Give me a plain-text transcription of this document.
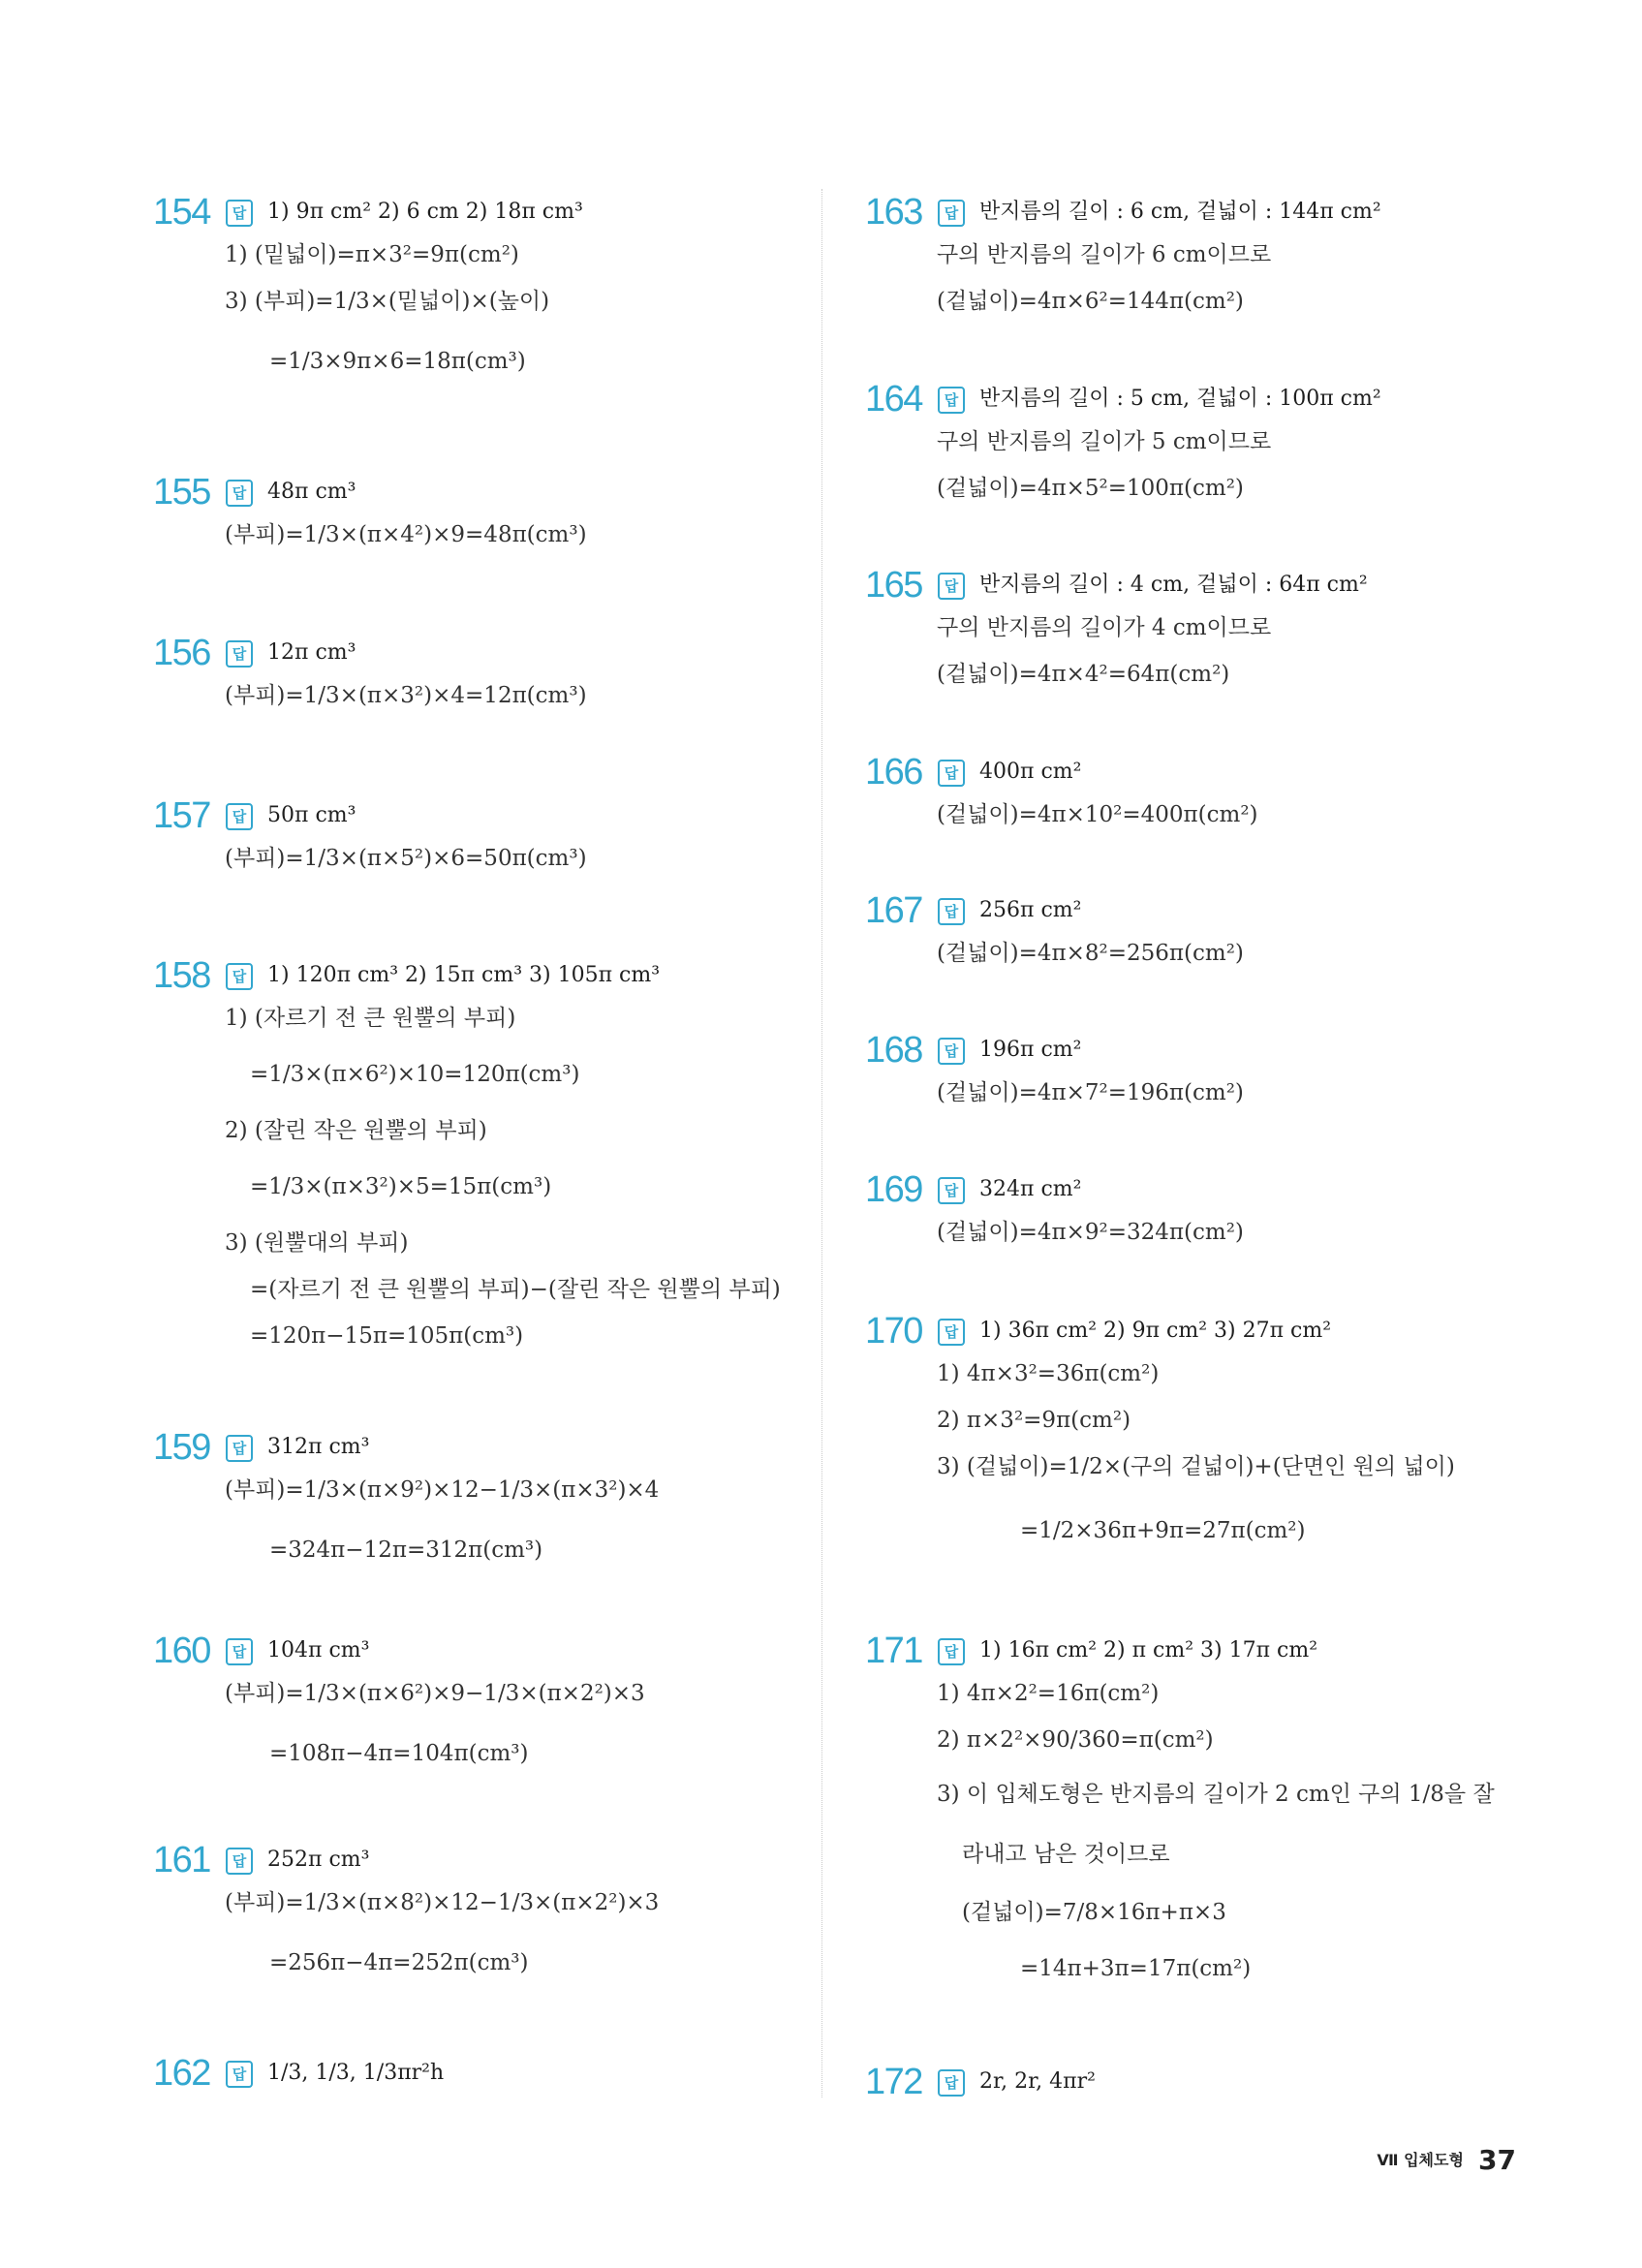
154	답 1) 9π cm² 2) 6 cm 2) 18π cm³
1) (밑넓이)=π×3²=9π(cm²)
3) (부피)=1/3×(밑넓이)×(높이)
=1/3×9π×6=18π(cm³)
155	답 48π cm³
(부피)=1/3×(π×4²)×9=48π(cm³)
156	답 12π cm³
(부피)=1/3×(π×3²)×4=12π(cm³)
157	답 50π cm³
(부피)=1/3×(π×5²)×6=50π(cm³)
158	답 1) 120π cm³ 2) 15π cm³ 3) 105π cm³
1) (자르기 전 큰 원뿔의 부피)
=1/3×(π×6²)×10=120π(cm³)
2) (잘린 작은 원뿔의 부피)
=1/3×(π×3²)×5=15π(cm³)
3) (원뿔대의 부피)
=(자르기 전 큰 원뿔의 부피)−(잘린 작은 원뿔의 부피)
=120π−15π=105π(cm³)
159	답 312π cm³
(부피)=1/3×(π×9²)×12−1/3×(π×3²)×4
=324π−12π=312π(cm³)
160	답 104π cm³
(부피)=1/3×(π×6²)×9−1/3×(π×2²)×3
=108π−4π=104π(cm³)
161	답 252π cm³
(부피)=1/3×(π×8²)×12−1/3×(π×2²)×3
=256π−4π=252π(cm³)
162	답 1/3, 1/3, 1/3πr²h
163	답 반지름의 길이 : 6 cm, 겉넓이 : 144π cm²
구의 반지름의 길이가 6 cm이므로
(겉넓이)=4π×6²=144π(cm²)
164	답 반지름의 길이 : 5 cm, 겉넓이 : 100π cm²
구의 반지름의 길이가 5 cm이므로
(겉넓이)=4π×5²=100π(cm²)
165	답 반지름의 길이 : 4 cm, 겉넓이 : 64π cm²
구의 반지름의 길이가 4 cm이므로
(겉넓이)=4π×4²=64π(cm²)
166	답 400π cm²
(겉넓이)=4π×10²=400π(cm²)
167	답 256π cm²
(겉넓이)=4π×8²=256π(cm²)
168	답 196π cm²
(겉넓이)=4π×7²=196π(cm²)
169	답 324π cm²
(겉넓이)=4π×9²=324π(cm²)
170	답 1) 36π cm² 2) 9π cm² 3) 27π cm²
1) 4π×3²=36π(cm²)
2) π×3²=9π(cm²)
3) (겉넓이)=1/2×(구의 겉넓이)+(단면인 원의 넓이)
=1/2×36π+9π=27π(cm²)
171	답 1) 16π cm² 2) π cm² 3) 17π cm²
1) 4π×2²=16π(cm²)
2) π×2²×90/360=π(cm²)
3) 이 입체도형은 반지름의 길이가 2 cm인 구의 1/8을 잘
라내고 남은 것이므로
(겉넓이)=7/8×16π+π×3
=14π+3π=17π(cm²)
172	답 2r, 2r, 4πr²
Ⅶ 입체도형 37
